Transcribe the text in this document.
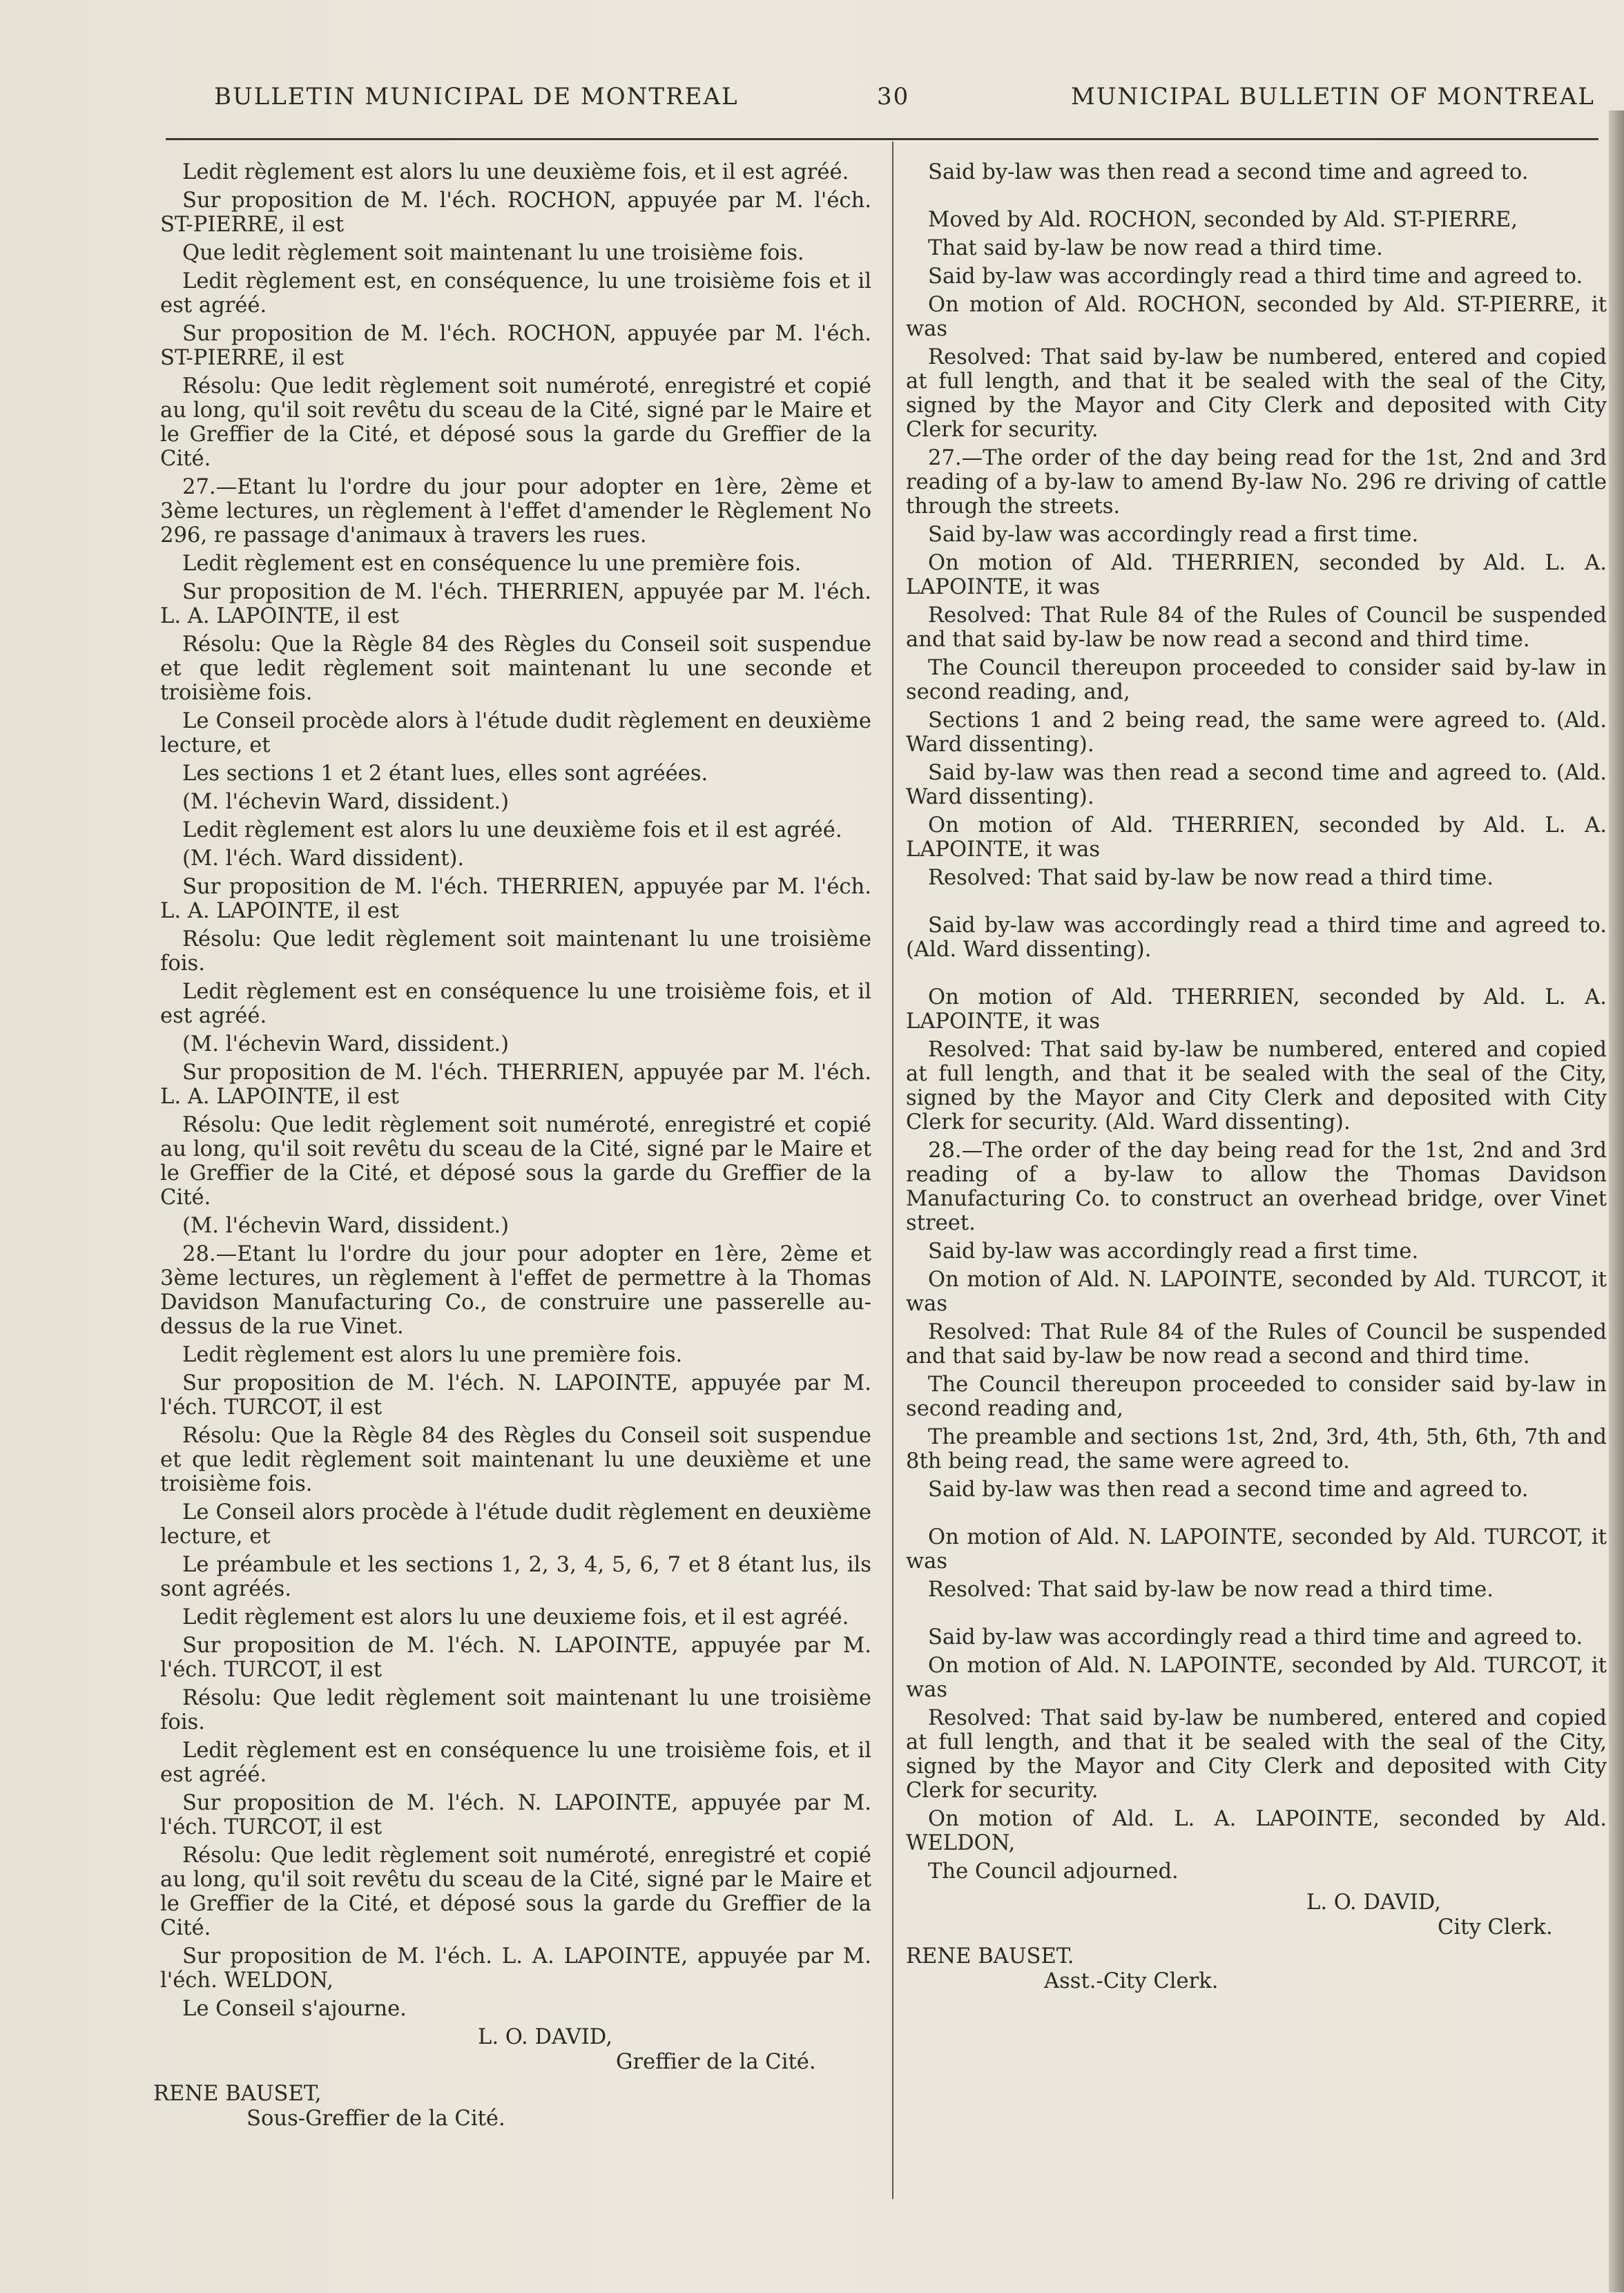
BULLETIN MUNICIPAL DE MONTREAL	30	MUNICIPAL BULLETIN OF MONTREAL

Ledit règlement est alors lu une deuxième fois, et il est agréé.

Sur proposition de M. l'éch. ROCHON, appuyée par M. l'éch. ST-PIERRE, il est

Que ledit règlement soit maintenant lu une troisième fois.

Ledit règlement est, en conséquence, lu une troisième fois et il est agréé.

Sur proposition de M. l'éch. ROCHON, appuyée par M. l'éch. ST-PIERRE, il est

Résolu: Que ledit règlement soit numéroté, enregistré et copié au long, qu'il soit revêtu du sceau de la Cité, signé par le Maire et le Greffier de la Cité, et déposé sous la garde du Greffier de la Cité.

27.—Etant lu l'ordre du jour pour adopter en 1ère, 2ème et 3ème lectures, un règlement à l'effet d'amender le Règlement No 296, re passage d'animaux à travers les rues.

Ledit règlement est en conséquence lu une première fois.

Sur proposition de M. l'éch. THERRIEN, appuyée par M. l'éch. L. A. LAPOINTE, il est

Résolu: Que la Règle 84 des Règles du Conseil soit suspendue et que ledit règlement soit maintenant lu une seconde et troisième fois.

Le Conseil procède alors à l'étude dudit règlement en deuxième lecture, et

Les sections 1 et 2 étant lues, elles sont agréées.

(M. l'échevin Ward, dissident.)

Ledit règlement est alors lu une deuxième fois et il est agréé.

(M. l'éch. Ward dissident).

Sur proposition de M. l'éch. THERRIEN, appuyée par M. l'éch. L. A. LAPOINTE, il est

Résolu: Que ledit règlement soit maintenant lu une troisième fois.

Ledit règlement est en conséquence lu une troisième fois, et il est agréé.

(M. l'échevin Ward, dissident.)

Sur proposition de M. l'éch. THERRIEN, appuyée par M. l'éch. L. A. LAPOINTE, il est

Résolu: Que ledit règlement soit numéroté, enregistré et copié au long, qu'il soit revêtu du sceau de la Cité, signé par le Maire et le Greffier de la Cité, et déposé sous la garde du Greffier de la Cité.

(M. l'échevin Ward, dissident.)

28.—Etant lu l'ordre du jour pour adopter en 1ère, 2ème et 3ème lectures, un règlement à l'effet de permettre à la Thomas Davidson Manufacturing Co., de construire une passerelle au-dessus de la rue Vinet.

Ledit règlement est alors lu une première fois.

Sur proposition de M. l'éch. N. LAPOINTE, appuyée par M. l'éch. TURCOT, il est

Résolu: Que la Règle 84 des Règles du Conseil soit suspendue et que ledit règlement soit maintenant lu une deuxième et une troisième fois.

Le Conseil alors procède à l'étude dudit règlement en deuxième lecture, et

Le préambule et les sections 1, 2, 3, 4, 5, 6, 7 et 8 étant lus, ils sont agréés.

Ledit règlement est alors lu une deuxieme fois, et il est agréé.

Sur proposition de M. l'éch. N. LAPOINTE, appuyée par M. l'éch. TURCOT, il est

Résolu: Que ledit règlement soit maintenant lu une troisième fois.

Ledit règlement est en conséquence lu une troisième fois, et il est agréé.

Sur proposition de M. l'éch. N. LAPOINTE, appuyée par M. l'éch. TURCOT, il est

Résolu: Que ledit règlement soit numéroté, enregistré et copié au long, qu'il soit revêtu du sceau de la Cité, signé par le Maire et le Greffier de la Cité, et déposé sous la garde du Greffier de la Cité.

Sur proposition de M. l'éch. L. A. LAPOINTE, appuyée par M. l'éch. WELDON,

Le Conseil s'ajourne.

L. O. DAVID,
Greffier de la Cité.
RENE BAUSET,
Sous-Greffier de la Cité.

Said by-law was then read a second time and agreed to.

Moved by Ald. ROCHON, seconded by Ald. ST-PIERRE,

That said by-law be now read a third time.

Said by-law was accordingly read a third time and agreed to.

On motion of Ald. ROCHON, seconded by Ald. ST-PIERRE, it was

Resolved: That said by-law be numbered, entered and copied at full length, and that it be sealed with the seal of the City, signed by the Mayor and City Clerk and deposited with City Clerk for security.

27.—The order of the day being read for the 1st, 2nd and 3rd reading of a by-law to amend By-law No. 296 re driving of cattle through the streets.

Said by-law was accordingly read a first time.

On motion of Ald. THERRIEN, seconded by Ald. L. A. LAPOINTE, it was

Resolved: That Rule 84 of the Rules of Council be suspended and that said by-law be now read a second and third time.

The Council thereupon proceeded to consider said by-law in second reading, and,

Sections 1 and 2 being read, the same were agreed to. (Ald. Ward dissenting).

Said by-law was then read a second time and agreed to. (Ald. Ward dissenting).

On motion of Ald. THERRIEN, seconded by Ald. L. A. LAPOINTE, it was

Resolved: That said by-law be now read a third time.

Said by-law was accordingly read a third time and agreed to. (Ald. Ward dissenting).

On motion of Ald. THERRIEN, seconded by Ald. L. A. LAPOINTE, it was

Resolved: That said by-law be numbered, entered and copied at full length, and that it be sealed with the seal of the City, signed by the Mayor and City Clerk and deposited with City Clerk for security. (Ald. Ward dissenting).

28.—The order of the day being read for the 1st, 2nd and 3rd reading of a by-law to allow the Thomas Davidson Manufacturing Co. to construct an overhead bridge, over Vinet street.

Said by-law was accordingly read a first time.

On motion of Ald. N. LAPOINTE, seconded by Ald. TURCOT, it was

Resolved: That Rule 84 of the Rules of Council be suspended and that said by-law be now read a second and third time.

The Council thereupon proceeded to consider said by-law in second reading and,

The preamble and sections 1st, 2nd, 3rd, 4th, 5th, 6th, 7th and 8th being read, the same were agreed to.

Said by-law was then read a second time and agreed to.

On motion of Ald. N. LAPOINTE, seconded by Ald. TURCOT, it was

Resolved: That said by-law be now read a third time.

Said by-law was accordingly read a third time and agreed to.

On motion of Ald. N. LAPOINTE, seconded by Ald. TURCOT, it was

Resolved: That said by-law be numbered, entered and copied at full length, and that it be sealed with the seal of the City, signed by the Mayor and City Clerk and deposited with City Clerk for security.

On motion of Ald. L. A. LAPOINTE, seconded by Ald. WELDON,

The Council adjourned.

L. O. DAVID,
City Clerk.
RENE BAUSET.
Asst.-City Clerk.
